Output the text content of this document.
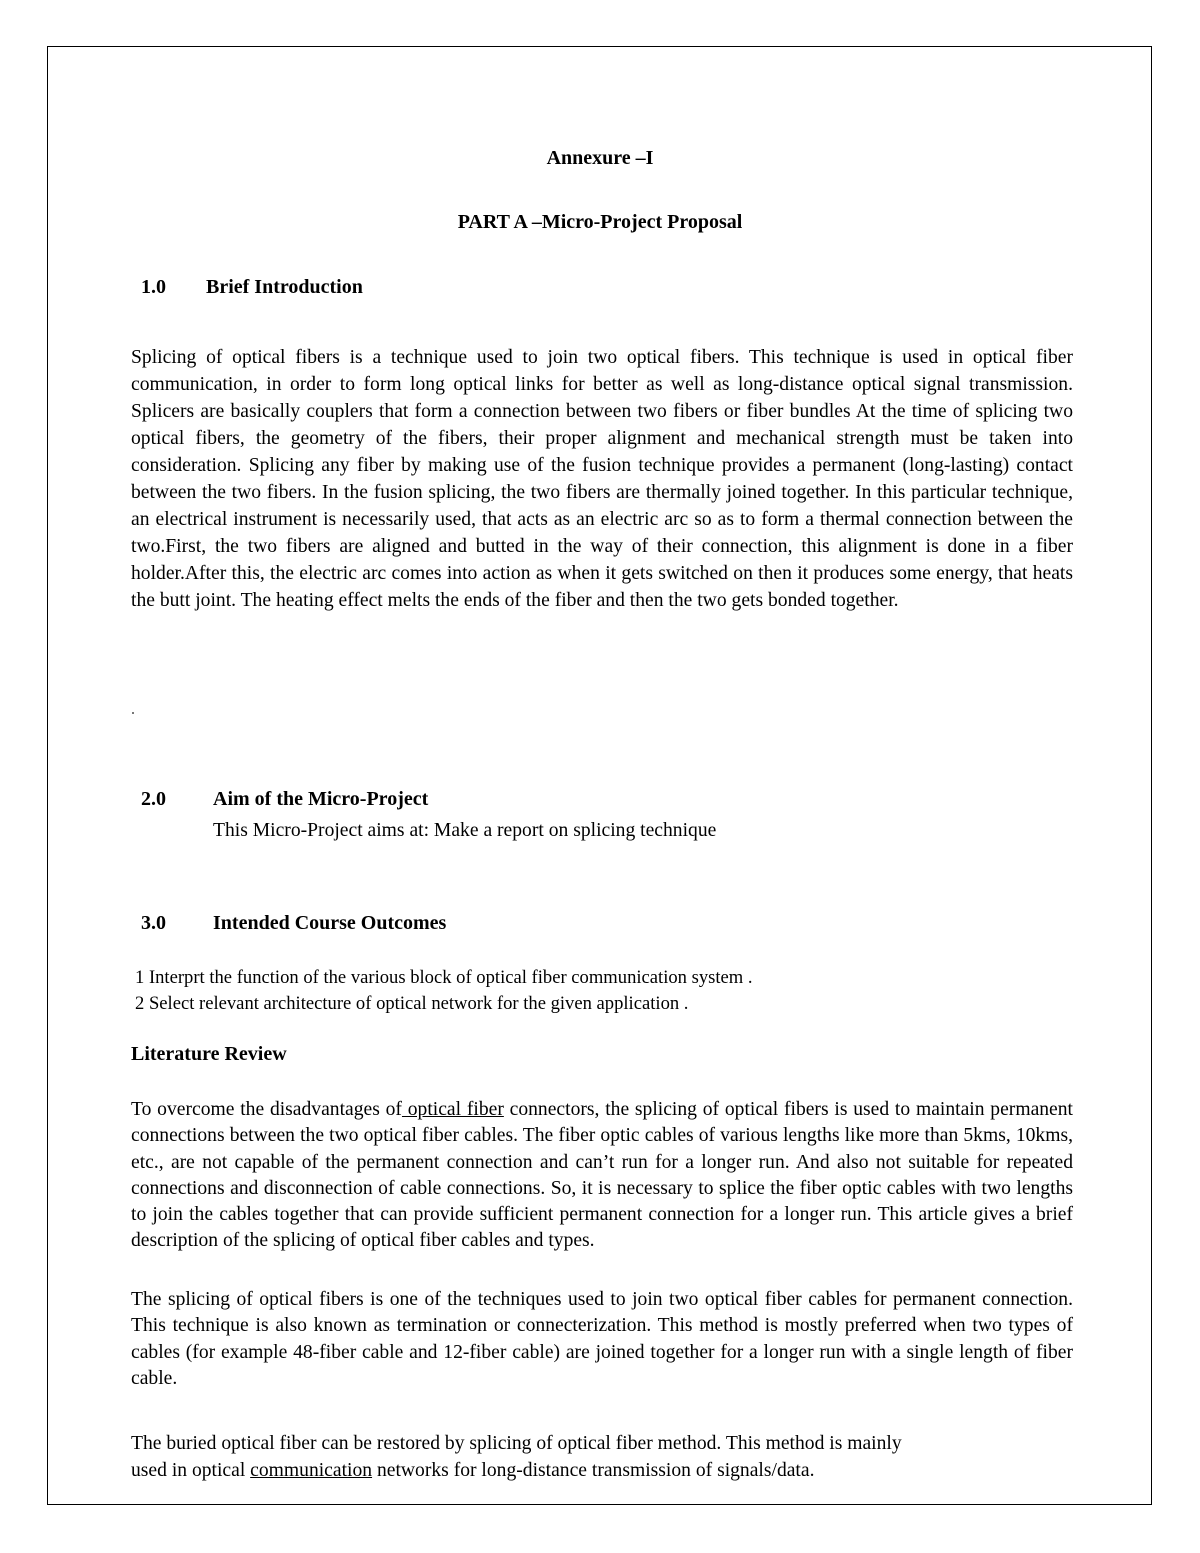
Annexure –I
PART A –Micro-Project Proposal
1.0 Brief Introduction

Splicing of optical fibers is a technique used to join two optical fibers. This technique is used in optical fiber communication, in order to form long optical links for better as well as long-distance optical signal transmission. Splicers are basically couplers that form a connection between two fibers or fiber bundles At the time of splicing two optical fibers, the geometry of the fibers, their proper alignment and mechanical strength must be taken into consideration. Splicing any fiber by making use of the fusion technique provides a permanent (long-lasting) contact between the two fibers. In the fusion splicing, the two fibers are thermally joined together. In this particular technique, an electrical instrument is necessarily used, that acts as an electric arc so as to form a thermal connection between the two.First, the two fibers are aligned and butted in the way of their connection, this alignment is done in a fiber holder.After this, the electric arc comes into action as when it gets switched on then it produces some energy, that heats the butt joint. The heating effect melts the ends of the fiber and then the two gets bonded together.

2.0 Aim of the Micro-Project
This Micro-Project aims at: Make a report on splicing technique
3.0 Intended Course Outcomes
1 Interprt the function of the various block of optical fiber communication system .
2 Select relevant architecture of optical network for the given application .
Literature Review

To overcome the disadvantages of optical fiber connectors, the splicing of optical fibers is used to maintain permanent connections between the two optical fiber cables. The fiber optic cables of various lengths like more than 5kms, 10kms, etc., are not capable of the permanent connection and can’t run for a longer run. And also not suitable for repeated connections and disconnection of cable connections. So, it is necessary to splice the fiber optic cables with two lengths to join the cables together that can provide sufficient permanent connection for a longer run. This article gives a brief description of the splicing of optical fiber cables and types.

The splicing of optical fibers is one of the techniques used to join two optical fiber cables for permanent connection. This technique is also known as termination or connecterization. This method is mostly preferred when two types of cables (for example 48-fiber cable and 12-fiber cable) are joined together for a longer run with a single length of fiber cable.

The buried optical fiber can be restored by splicing of optical fiber method. This method is mainly
used in optical communication networks for long-distance transmission of signals/data.
